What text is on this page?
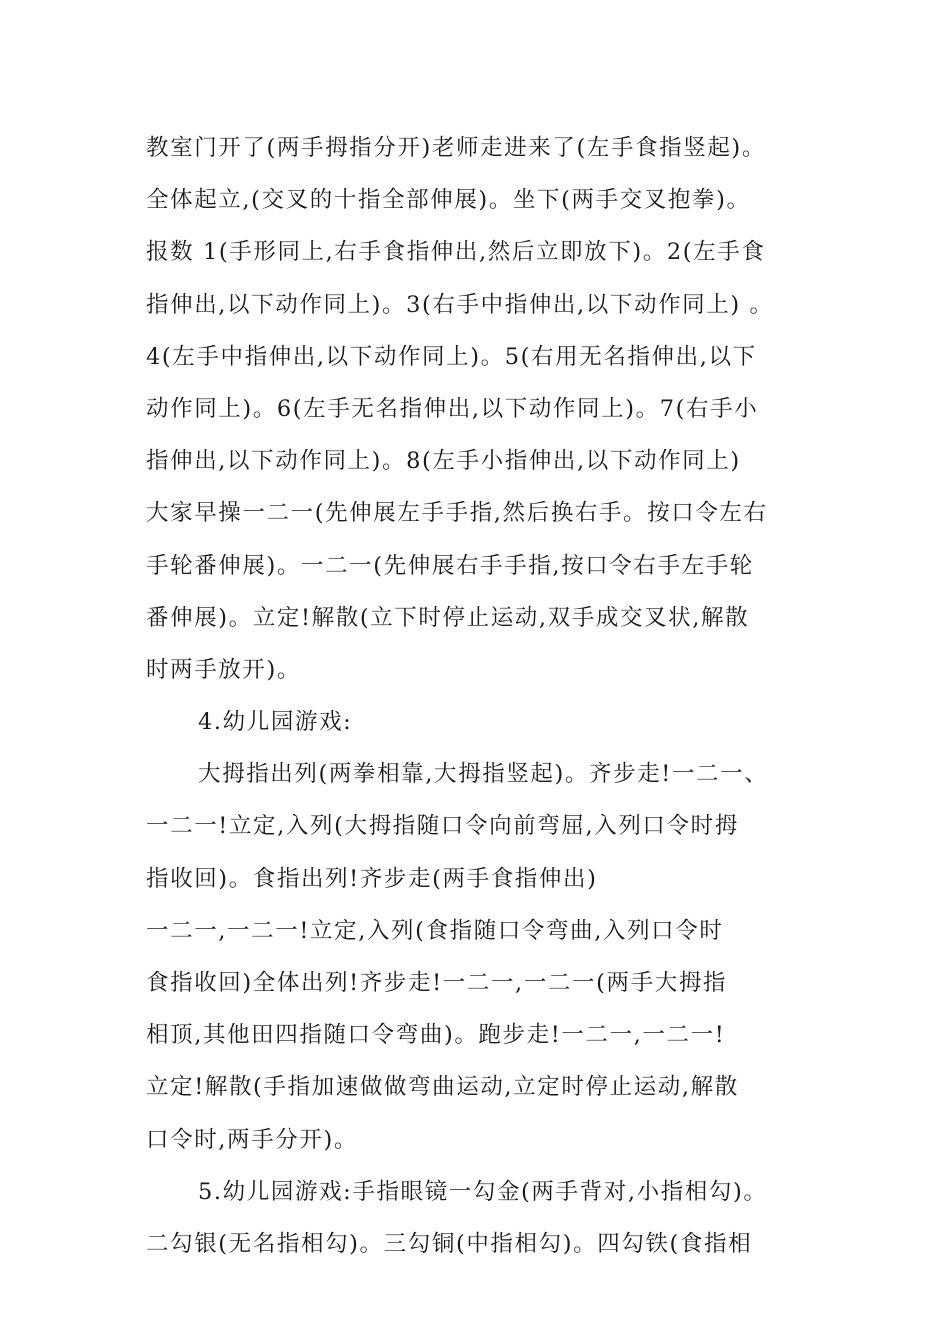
教室门开了(两手拇指分开)老师走进来了(左手食指竖起)。
全体起立,(交叉的十指全部伸展)。坐下(两手交叉抱拳)。
报数 1(手形同上,右手食指伸出,然后立即放下)。2(左手食
指伸出,以下动作同上)。3(右手中指伸出,以下动作同上) 。
4(左手中指伸出,以下动作同上)。5(右用无名指伸出,以下
动作同上)。6(左手无名指伸出,以下动作同上)。7(右手小
指伸出,以下动作同上)。8(左手小指伸出,以下动作同上)
大家早操一二一(先伸展左手手指,然后换右手。按口令左右
手轮番伸展)。一二一(先伸展右手手指,按口令右手左手轮
番伸展)。立定!解散(立下时停止运动,双手成交叉状,解散
时两手放开)。
4.幼儿园游戏:
大拇指出列(两拳相靠,大拇指竖起)。齐步走!一二一、
一二一!立定,入列(大拇指随口令向前弯屈,入列口令时拇
指收回)。食指出列!齐步走(两手食指伸出)
一二一,一二一!立定,入列(食指随口令弯曲,入列口令时
食指收回)全体出列!齐步走!一二一,一二一(两手大拇指
相顶,其他田四指随口令弯曲)。跑步走!一二一,一二一!
立定!解散(手指加速做做弯曲运动,立定时停止运动,解散
口令时,两手分开)。
5.幼儿园游戏:手指眼镜一勾金(两手背对,小指相勾)。
二勾银(无名指相勾)。三勾铜(中指相勾)。四勾铁(食指相
